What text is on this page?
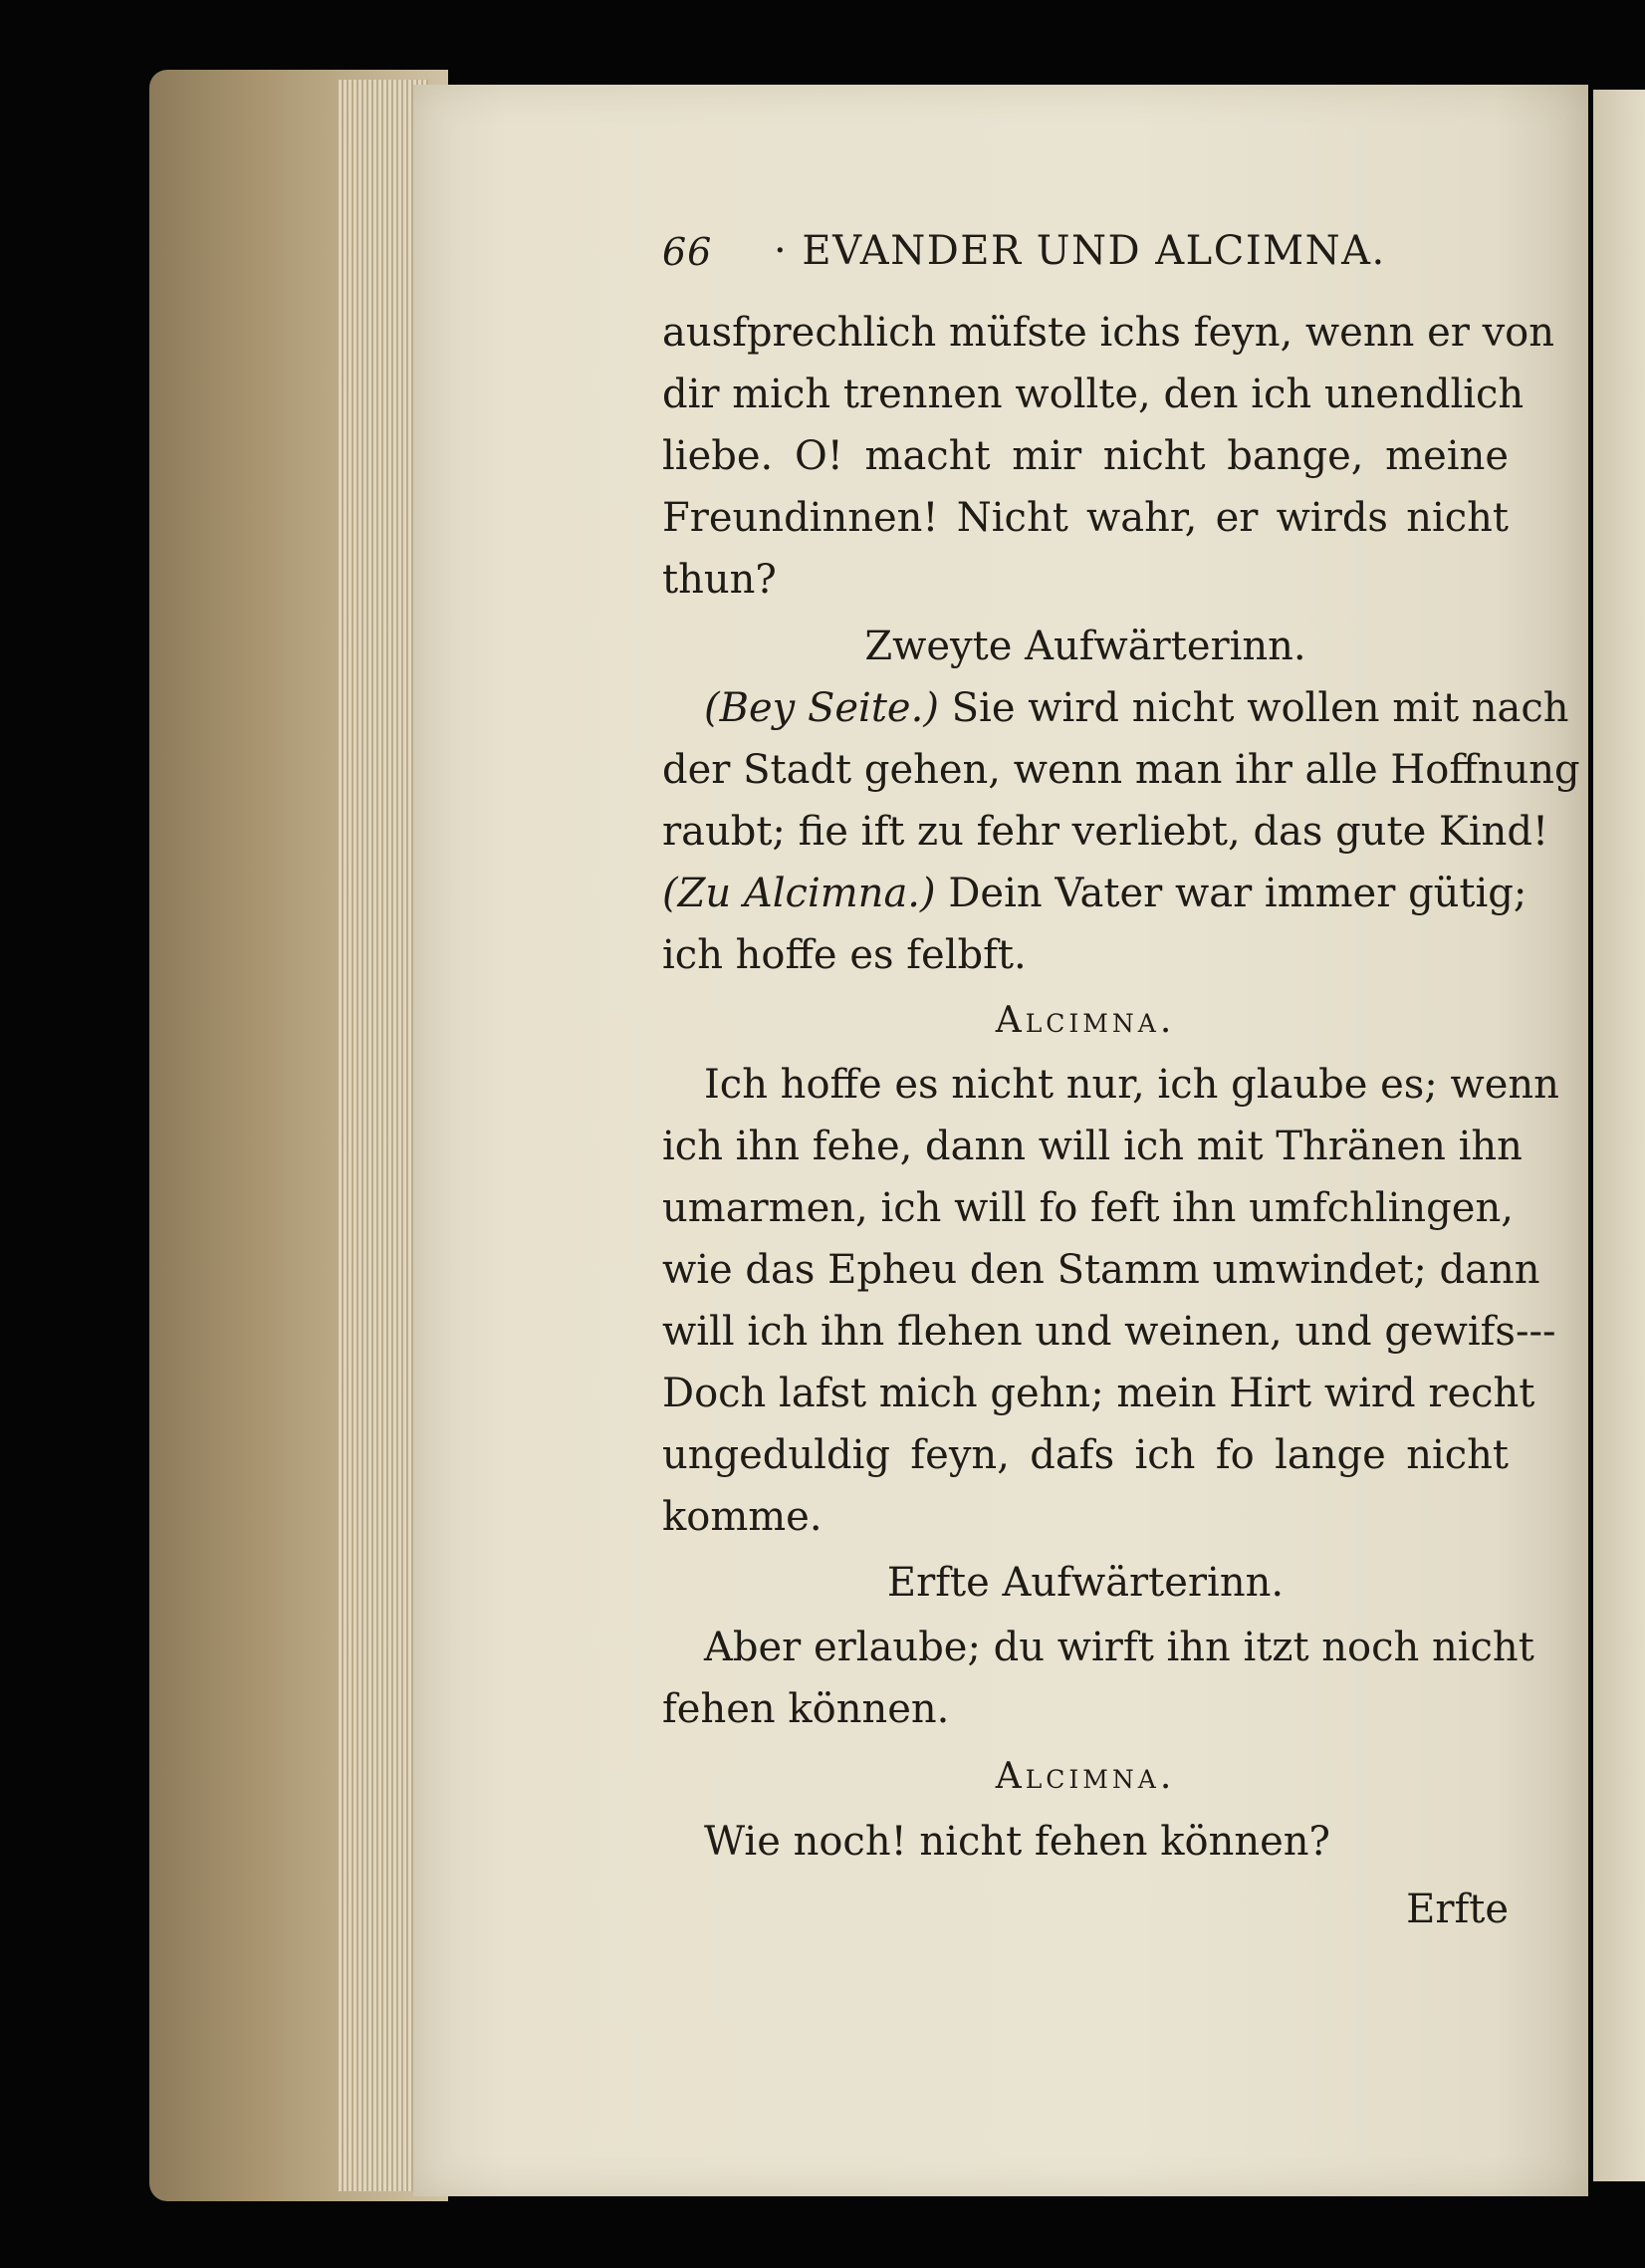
66 · EVANDER UND ALCIMNA.
ausfprechlich müfste ichs feyn, wenn er von
dir mich trennen wollte, den ich unendlich
liebe. O! macht mir nicht bange, meine
Freundinnen! Nicht wahr, er wirds nicht
thun?
Zweyte Aufwärterinn.
(Bey Seite.) Sie wird nicht wollen mit nach
der Stadt gehen, wenn man ihr alle Hoffnung
raubt; fie ift zu fehr verliebt, das gute Kind!
(Zu Alcimna.) Dein Vater war immer gütig;
ich hoffe es felbft.
Alcimna.
Ich hoffe es nicht nur, ich glaube es; wenn
ich ihn fehe, dann will ich mit Thränen ihn
umarmen, ich will fo feft ihn umfchlingen,
wie das Epheu den Stamm umwindet; dann
will ich ihn flehen und weinen, und gewifs---
Doch lafst mich gehn; mein Hirt wird recht
ungeduldig feyn, dafs ich fo lange nicht
komme.
Erfte Aufwärterinn.
Aber erlaube; du wirft ihn itzt noch nicht
fehen können.
Alcimna.
Wie noch! nicht fehen können?
Erfte
